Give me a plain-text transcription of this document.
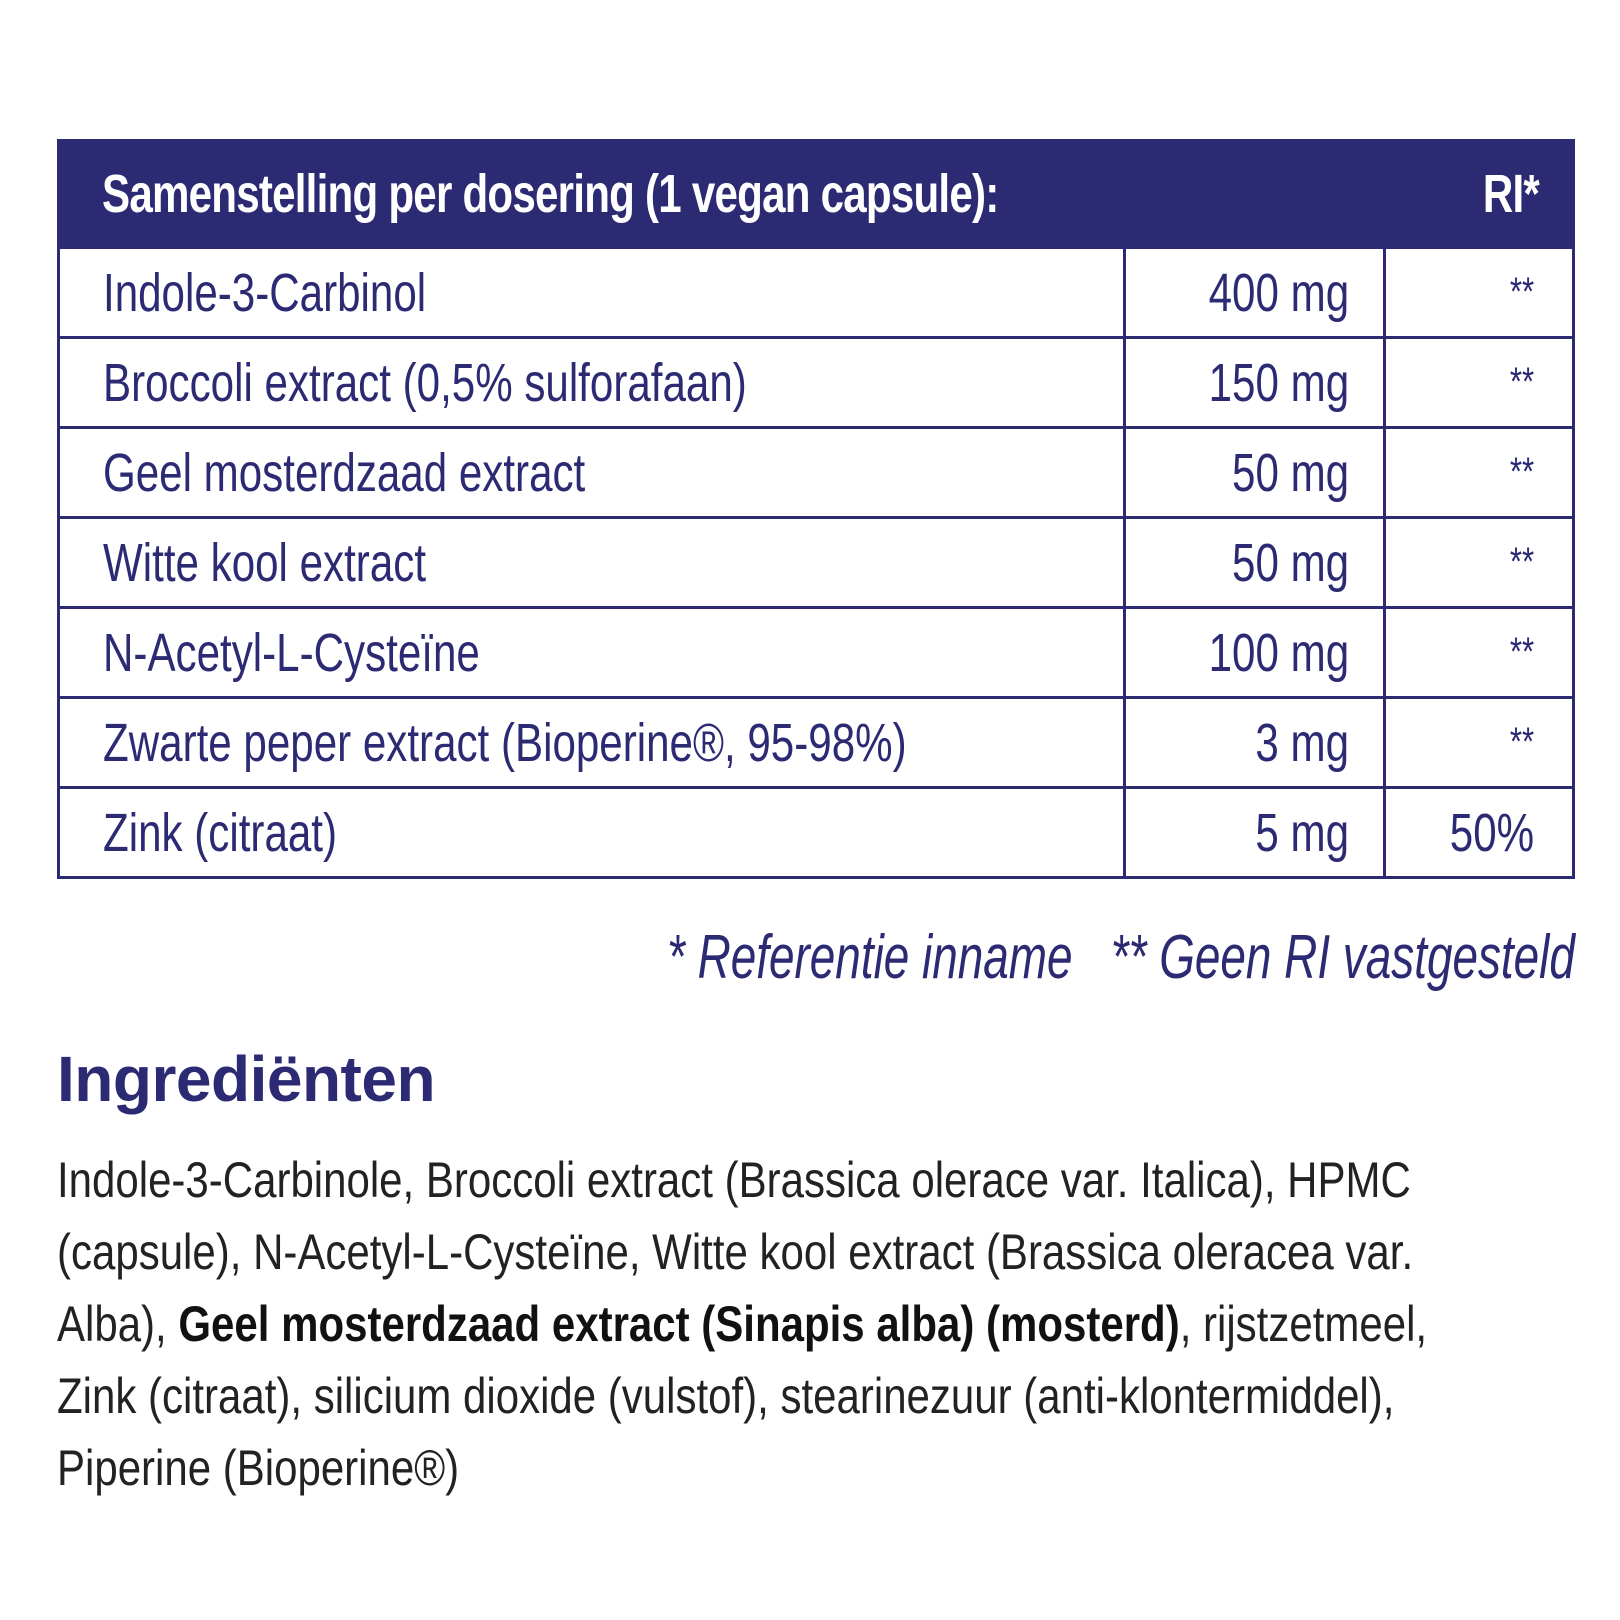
Samenstelling per dosering (1 vegan capsule):	RI*
Indole-3-Carbinol	400 mg	**
Broccoli extract (0,5% sulforafaan)	150 mg	**
Geel mosterdzaad extract	50 mg	**
Witte kool extract	50 mg	**
N-Acetyl-L-Cysteïne	100 mg	**
Zwarte peper extract (Bioperine®, 95-98%)	3 mg	**
Zink (citraat)	5 mg 50%
* Referentie inname   ** Geen RI vastgesteld
Ingrediënten
Indole-3-Carbinole, Broccoli extract (Brassica olerace var. Italica), HPMC (capsule), N-Acetyl-L-Cysteïne, Witte kool extract (Brassica oleracea var. Alba), Geel mosterdzaad extract (Sinapis alba) (mosterd), rijstzetmeel, Zink (citraat), silicium dioxide (vulstof), stearinezuur (anti-klontermiddel), Piperine (Bioperine®)
